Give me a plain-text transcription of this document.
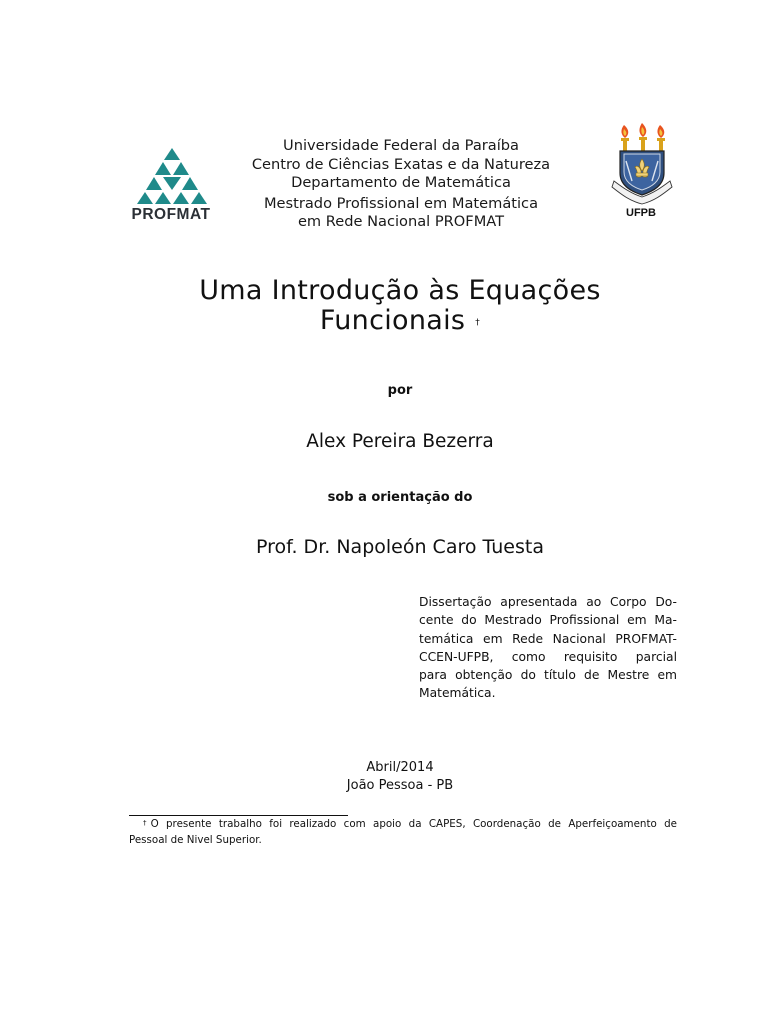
PROFMAT
Universidade Federal da Paraíba
Centro de Ciências Exatas e da Natureza
Departamento de Matemática
Mestrado Profissional em Matemática
em Rede Nacional PROFMAT	UFPB
Uma Introdução às Equações
Funcionais †
por
Alex Pereira Bezerra
sob a orientação do
Prof. Dr. Napoleón Caro Tuesta
Dissertação apresentada ao Corpo Do-
cente do Mestrado Profissional em Ma-
temática em Rede Nacional PROFMAT-
CCEN-UFPB, como requisito parcial
para obtenção do título de Mestre em
Matemática.
Abril/2014
João Pessoa - PB
†O presente trabalho foi realizado com apoio da CAPES, Coordenação de Aperfeiçoamento de
Pessoal de Nivel Superior.
